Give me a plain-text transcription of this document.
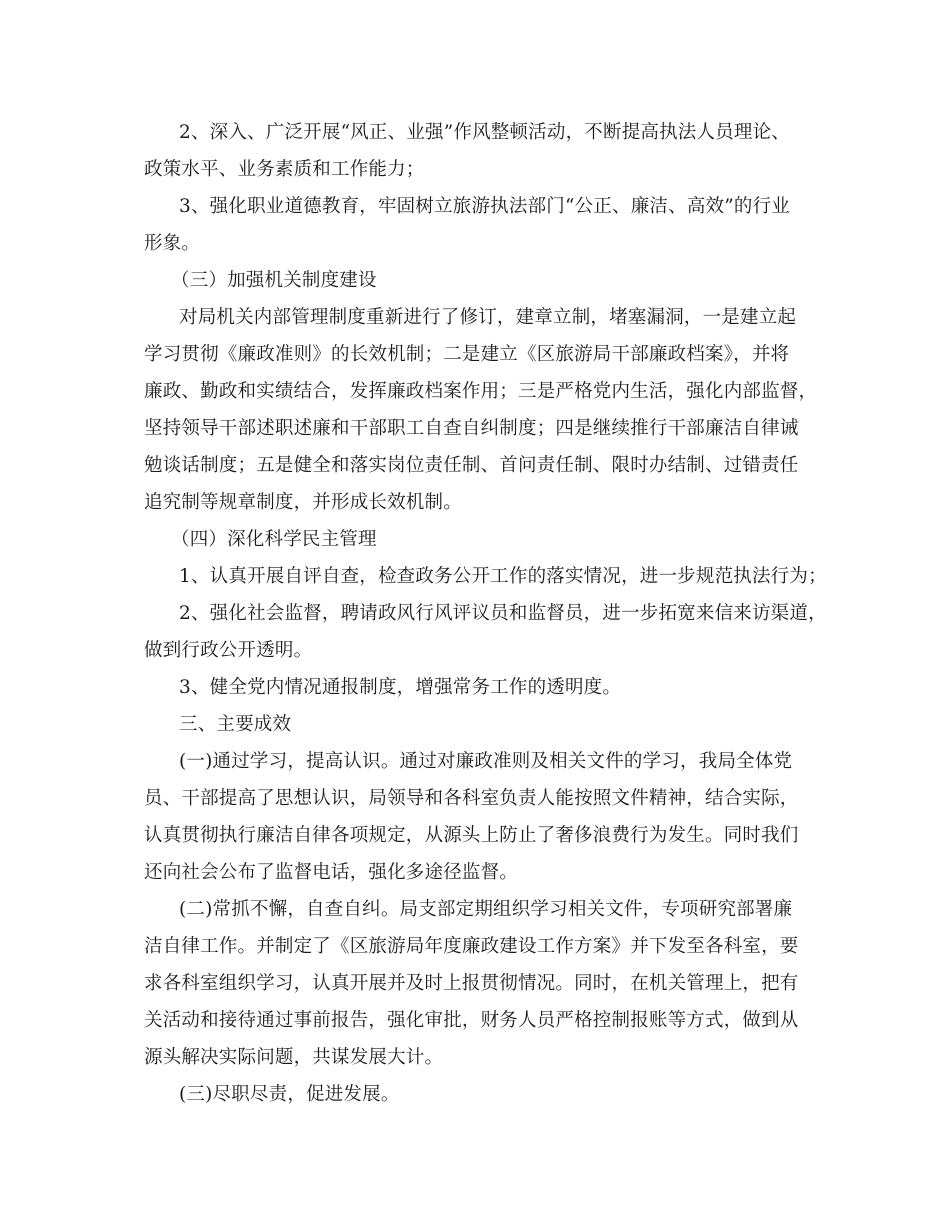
2、深入、广泛开展“风正、业强”作风整顿活动，不断提高执法人员理论、
政策水平、业务素质和工作能力；
3、强化职业道德教育，牢固树立旅游执法部门“公正、廉洁、高效”的行业
形象。
（三）加强机关制度建设
对局机关内部管理制度重新进行了修订，建章立制，堵塞漏洞，一是建立起
学习贯彻《廉政准则》的长效机制；二是建立《区旅游局干部廉政档案》，并将
廉政、勤政和实绩结合，发挥廉政档案作用；三是严格党内生活，强化内部监督，
坚持领导干部述职述廉和干部职工自查自纠制度；四是继续推行干部廉洁自律诫
勉谈话制度；五是健全和落实岗位责任制、首问责任制、限时办结制、过错责任
追究制等规章制度，并形成长效机制。
（四）深化科学民主管理
1、认真开展自评自查，检查政务公开工作的落实情况，进一步规范执法行为；
2、强化社会监督，聘请政风行风评议员和监督员，进一步拓宽来信来访渠道，
做到行政公开透明。
3、健全党内情况通报制度，增强常务工作的透明度。
三、主要成效
(一)通过学习，提高认识。通过对廉政准则及相关文件的学习，我局全体党
员、干部提高了思想认识，局领导和各科室负责人能按照文件精神，结合实际，
认真贯彻执行廉洁自律各项规定，从源头上防止了奢侈浪费行为发生。同时我们
还向社会公布了监督电话，强化多途径监督。
(二)常抓不懈，自查自纠。局支部定期组织学习相关文件，专项研究部署廉
洁自律工作。并制定了《区旅游局年度廉政建设工作方案》并下发至各科室，要
求各科室组织学习，认真开展并及时上报贯彻情况。同时，在机关管理上，把有
关活动和接待通过事前报告，强化审批，财务人员严格控制报账等方式，做到从
源头解决实际问题，共谋发展大计。
(三)尽职尽责，促进发展。
